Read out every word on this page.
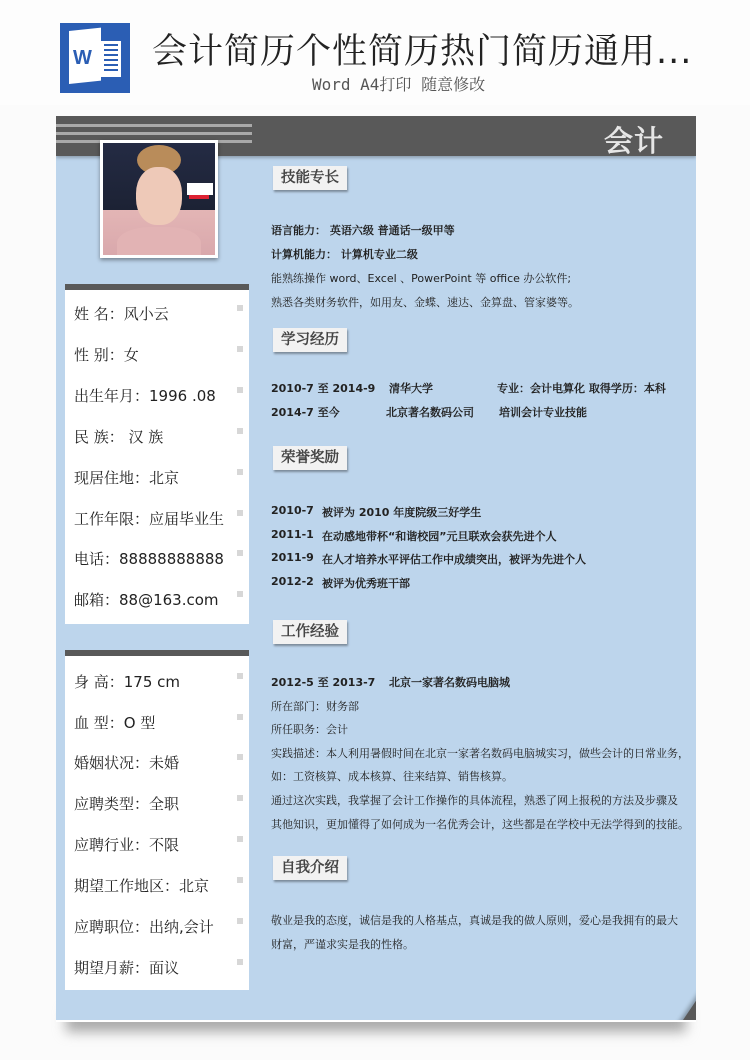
W 会计简历个性简历热门简历通用...
Word A4打印 随意修改
会计
姓 名：风小云
性 别：女
出生年月：1996 .08
民 族： 汉 族
现居住地：北京
工作年限：应届毕业生
电话：88888888888
邮箱：88@163.com
身 高：175 cm
血 型：O 型
婚姻状况：未婚
应聘类型：全职
应聘行业：不限
期望工作地区：北京
应聘职位：出纳,会计
期望月薪：面议
技能专长
语言能力： 英语六级 普通话一级甲等
计算机能力： 计算机专业二级
能熟练操作 word、Excel 、PowerPoint 等 office 办公软件;
熟悉各类财务软件，如用友、金蝶、速达、金算盘、管家婆等。
学习经历
2010-7 至 2014-9 清华大学	专业：会计电算化 取得学历：本科
2014-7 至今	北京著名数码公司 培训会计专业技能
荣誉奖励
2010-7 被评为 2010 年度院级三好学生
2011-1 在动感地带杯“和谐校园”元旦联欢会获先进个人
2011-9 在人才培养水平评估工作中成绩突出，被评为先进个人
2012-2 被评为优秀班干部
工作经验
2012-5 至 2013-7 北京一家著名数码电脑城
所在部门：财务部
所任职务：会计
实践描述：本人利用暑假时间在北京一家著名数码电脑城实习，做些会计的日常业务，
如：工资核算、成本核算、往来结算、销售核算。
通过这次实践，我掌握了会计工作操作的具体流程，熟悉了网上报税的方法及步骤及
其他知识，更加懂得了如何成为一名优秀会计，这些都是在学校中无法学得到的技能。
自我介绍
敬业是我的态度，诚信是我的人格基点，真诚是我的做人原则，爱心是我拥有的最大
财富，严谨求实是我的性格。
